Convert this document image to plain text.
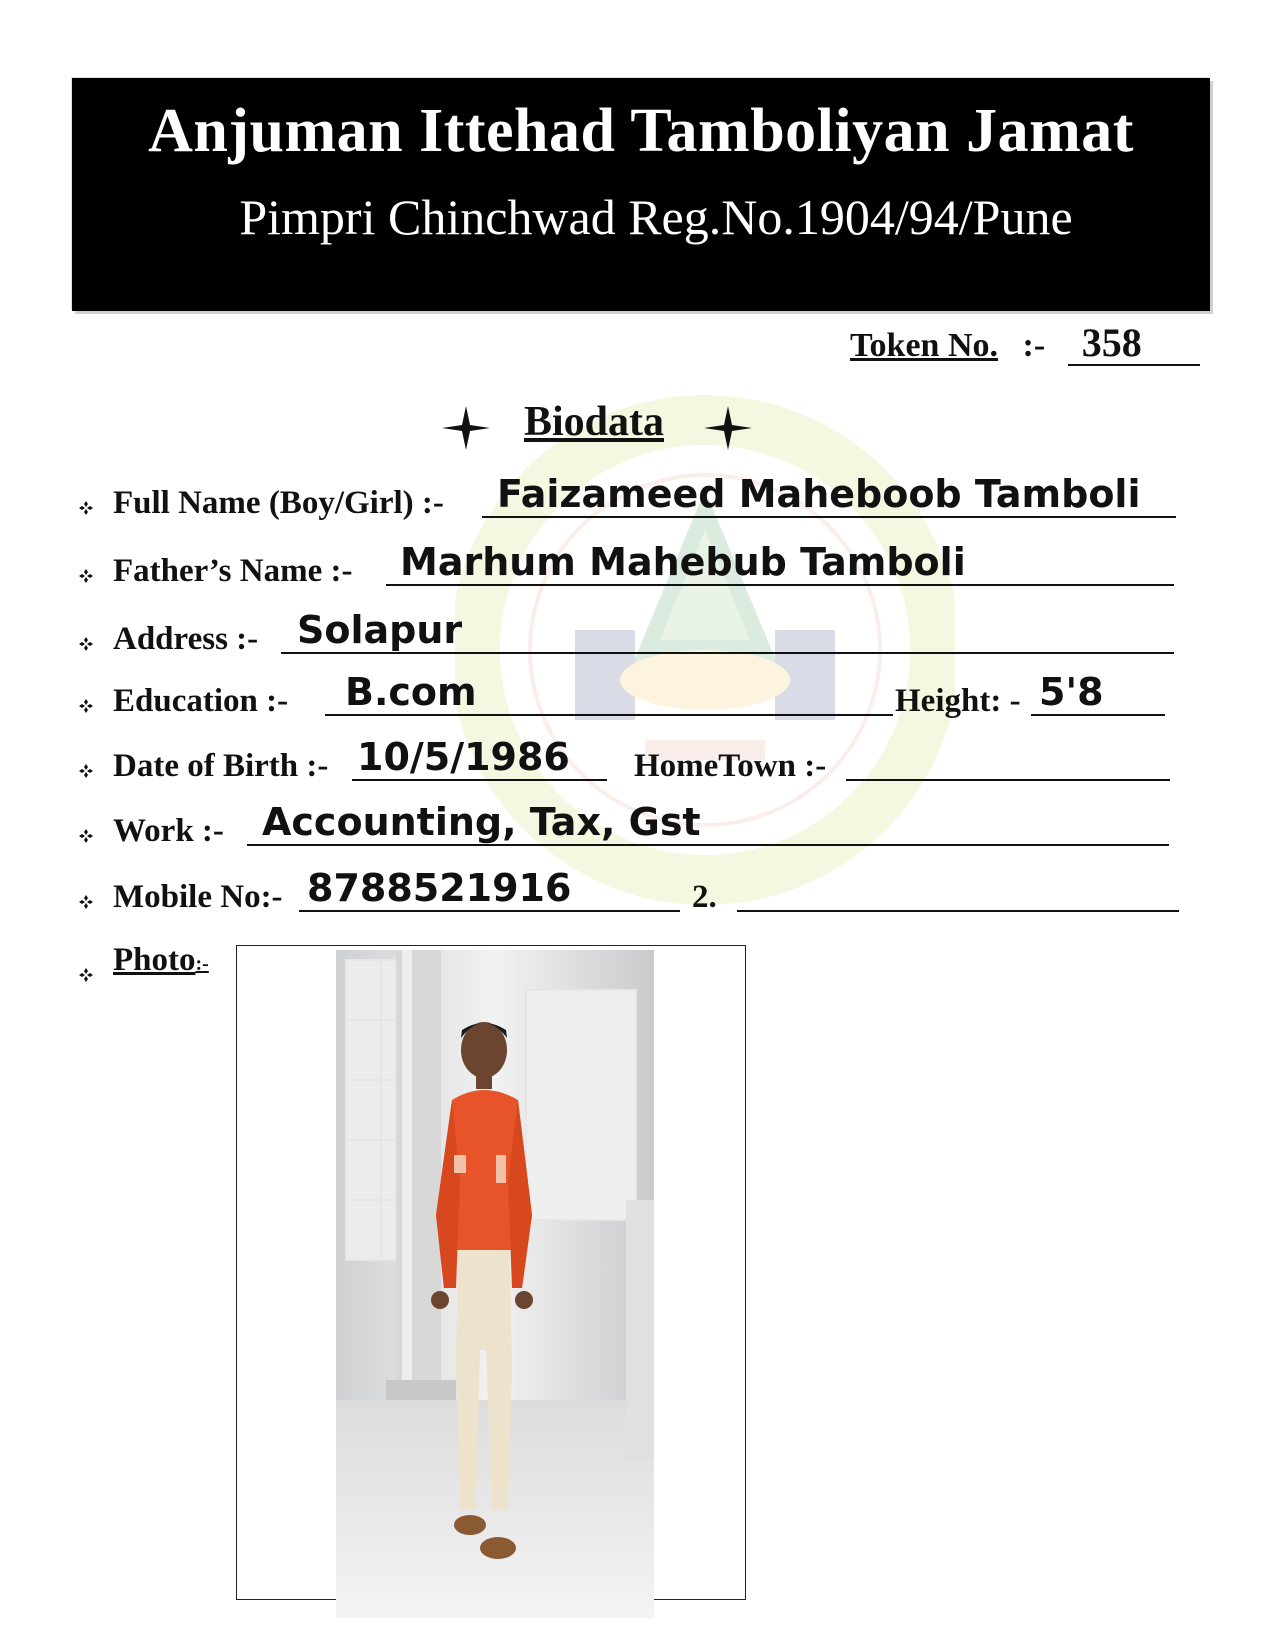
Anjuman Ittehad Tamboliyan Jamat
Pimpri Chinchwad Reg.No.1904/94/Pune
Token No. :- 358
Biodata
Full Name (Boy/Girl) :- Faizameed Maheboob Tamboli
Father’s Name :- Marhum Mahebub Tamboli
Address :- Solapur
Education :- B.com	Height: - 5'8
Date of Birth :- 10/5/1986 HomeTown :-
Work :- Accounting, Tax, Gst
Mobile No:- 8788521916	2.
Photo:-
